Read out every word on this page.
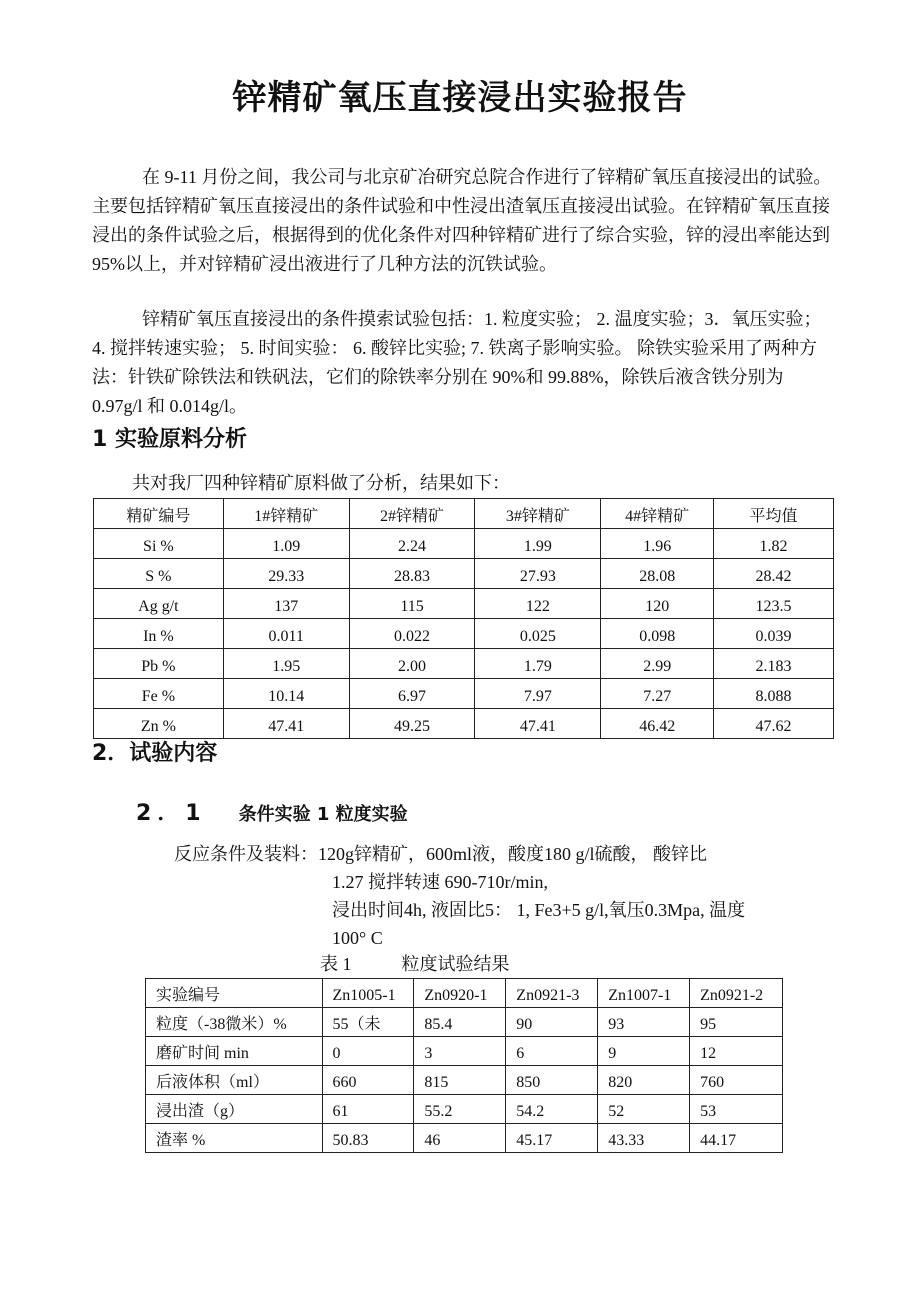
锌精矿氧压直接浸出实验报告

在 9-11 月份之间，我公司与北京矿冶研究总院合作进行了锌精矿氧压直接浸出的试验。主要包括锌精矿氧压直接浸出的条件试验和中性浸出渣氧压直接浸出试验。在锌精矿氧压直接浸出的条件试验之后，根据得到的优化条件对四种锌精矿进行了综合实验，锌的浸出率能达到 95%以上，并对锌精矿浸出液进行了几种方法的沉铁试验。

锌精矿氧压直接浸出的条件摸索试验包括：1. 粒度实验； 2. 温度实验；3．氧压实验； 4. 搅拌转速实验； 5. 时间实验： 6. 酸锌比实验; 7. 铁离子影响实验。 除铁实验采用了两种方法：针铁矿除铁法和铁矾法，它们的除铁率分别在 90%和 99.88%，除铁后液含铁分别为 0.97g/l 和 0.014g/l。

1 实验原料分析

共对我厂四种锌精矿原料做了分析，结果如下：

精矿编号	1#锌精矿	2#锌精矿	3#锌精矿	4#锌精矿	平均值
Si %	1.09	2.24	1.99	1.96	1.82
S %	29.33	28.83	27.93	28.08	28.42
Ag g/t	137	115	122	120	123.5
In %	0.011	0.022	0.025	0.098	0.039
Pb %	1.95	2.00	1.79	2.99	2.183
Fe %	10.14	6.97	7.97	7.27	8.088
Zn %	47.41	49.25	47.41	46.42	47.62
2．试验内容
2．1 条件实验 1 粒度实验

反应条件及装料：120g锌精矿，600ml液，酸度180 g/l硫酸， 酸锌比

1.27 搅拌转速 690-710r/min,

浸出时间4h, 液固比5： 1, Fe3+5 g/l,氧压0.3Mpa, 温度

100° C

表 1	粒度试验结果

实验编号	Zn1005-1	Zn0920-1	Zn0921-3	Zn1007-1	Zn0921-2
粒度（-38微米）%	55（未	85.4	90	93	95
磨矿时间 min	0	3	6	9	12
后液体积（ml）	660	815	850	820	760
浸出渣（g）	61	55.2	54.2	52	53
渣率 %	50.83	46	45.17	43.33	44.17
